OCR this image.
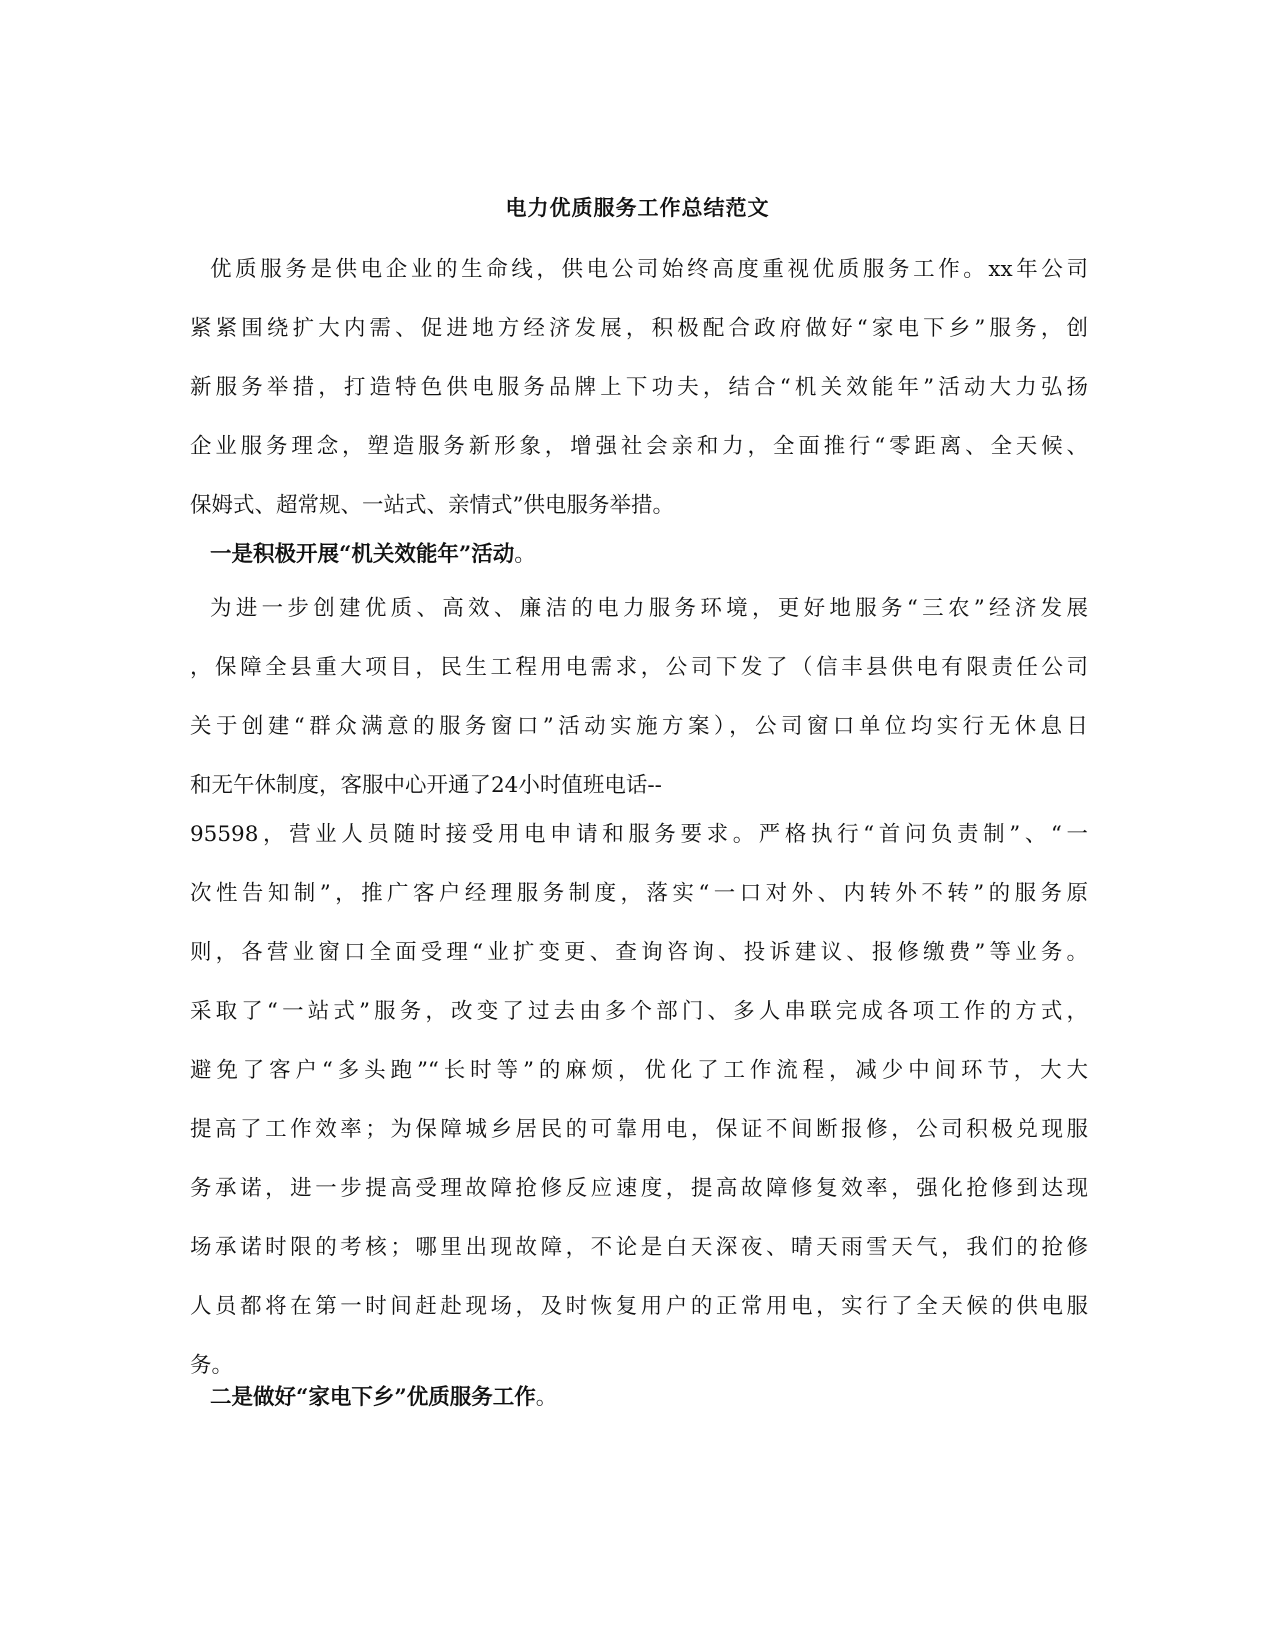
电力优质服务工作总结范文
优质服务是供电企业的生命线，供电公司始终高度重视优质服务工作。xx年公司
紧紧围绕扩大内需、促进地方经济发展，积极配合政府做好“家电下乡”服务，创
新服务举措，打造特色供电服务品牌上下功夫，结合“机关效能年”活动大力弘扬
企业服务理念，塑造服务新形象，增强社会亲和力，全面推行“零距离、全天候、
保姆式、超常规、一站式、亲情式”供电服务举措。
一是积极开展“机关效能年”活动。
为进一步创建优质、高效、廉洁的电力服务环境，更好地服务“三农”经济发展
，保障全县重大项目，民生工程用电需求，公司下发了（信丰县供电有限责任公司
关于创建“群众满意的服务窗口”活动实施方案），公司窗口单位均实行无休息日
和无午休制度，客服中心开通了24小时值班电话--
95598，营业人员随时接受用电申请和服务要求。严格执行“首问负责制”、“一
次性告知制”，推广客户经理服务制度，落实“一口对外、内转外不转”的服务原
则，各营业窗口全面受理“业扩变更、查询咨询、投诉建议、报修缴费”等业务。
采取了“一站式”服务，改变了过去由多个部门、多人串联完成各项工作的方式，
避免了客户“多头跑”“长时等”的麻烦，优化了工作流程，减少中间环节，大大
提高了工作效率；为保障城乡居民的可靠用电，保证不间断报修，公司积极兑现服
务承诺，进一步提高受理故障抢修反应速度，提高故障修复效率，强化抢修到达现
场承诺时限的考核；哪里出现故障，不论是白天深夜、晴天雨雪天气，我们的抢修
人员都将在第一时间赶赴现场，及时恢复用户的正常用电，实行了全天候的供电服
务。
二是做好“家电下乡”优质服务工作。
